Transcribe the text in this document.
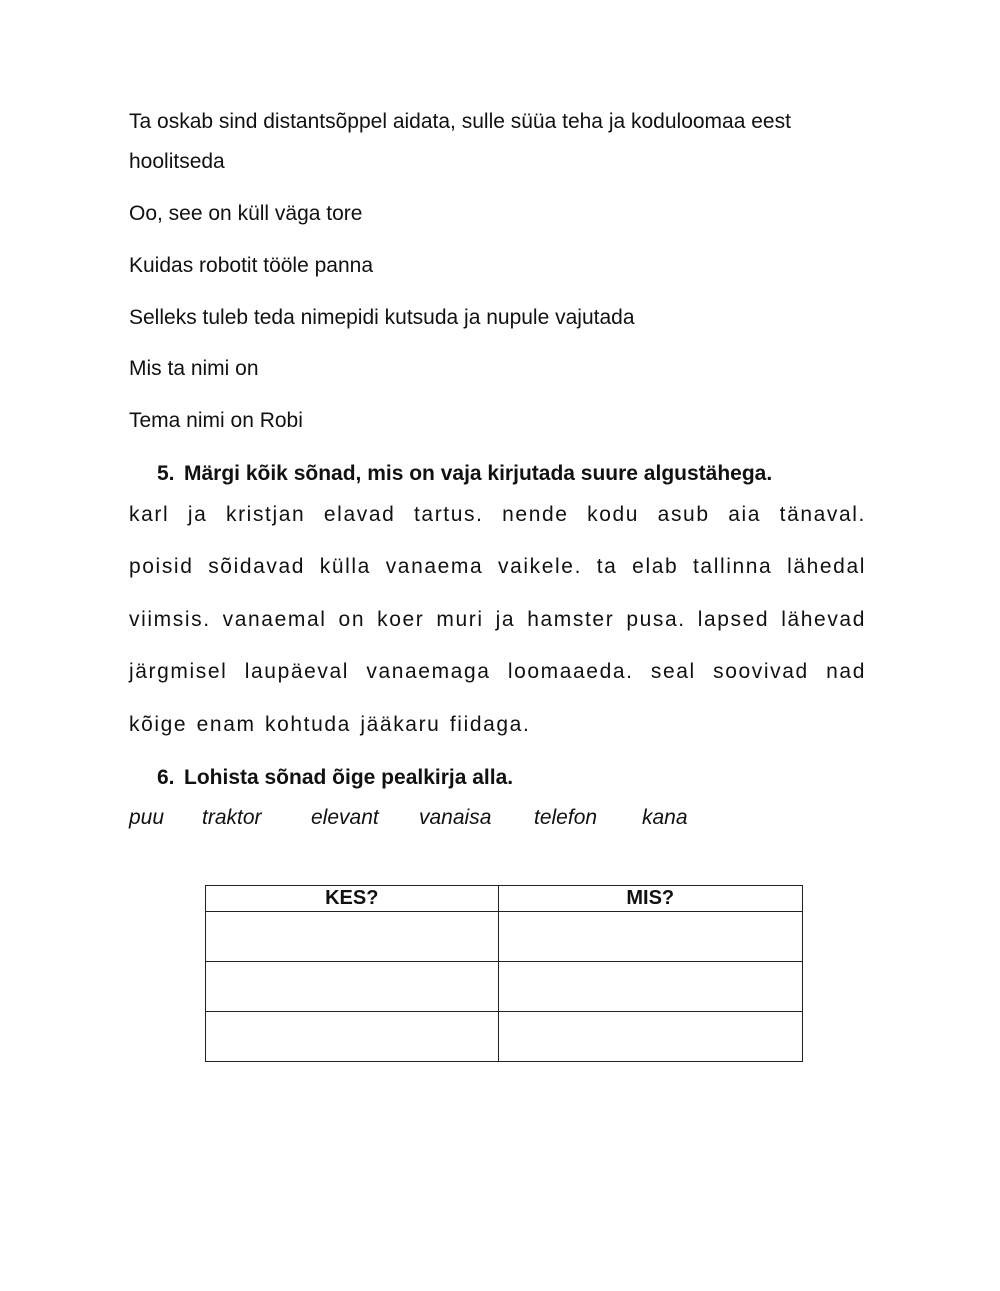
Ta oskab sind distantsõppel aidata, sulle süüa teha ja koduloomaa eest
hoolitseda
Oo, see on küll väga tore
Kuidas robotit tööle panna
Selleks tuleb teda nimepidi kutsuda ja nupule vajutada
Mis ta nimi on
Tema nimi on Robi
5. Märgi kõik sõnad, mis on vaja kirjutada suure algustähega.
karl ja kristjan elavad tartus. nende kodu asub aia tänaval.
poisid sõidavad külla vanaema vaikele. ta elab tallinna lähedal
viimsis. vanaemal on koer muri ja hamster pusa. lapsed lähevad
järgmisel laupäeval vanaemaga loomaaeda. seal soovivad nad
kõige enam kohtuda jääkaru fiidaga.
6. Lohista sõnad õige pealkirja alla.
puu traktor elevant vanaisa telefon kana
KES?	MIS?
